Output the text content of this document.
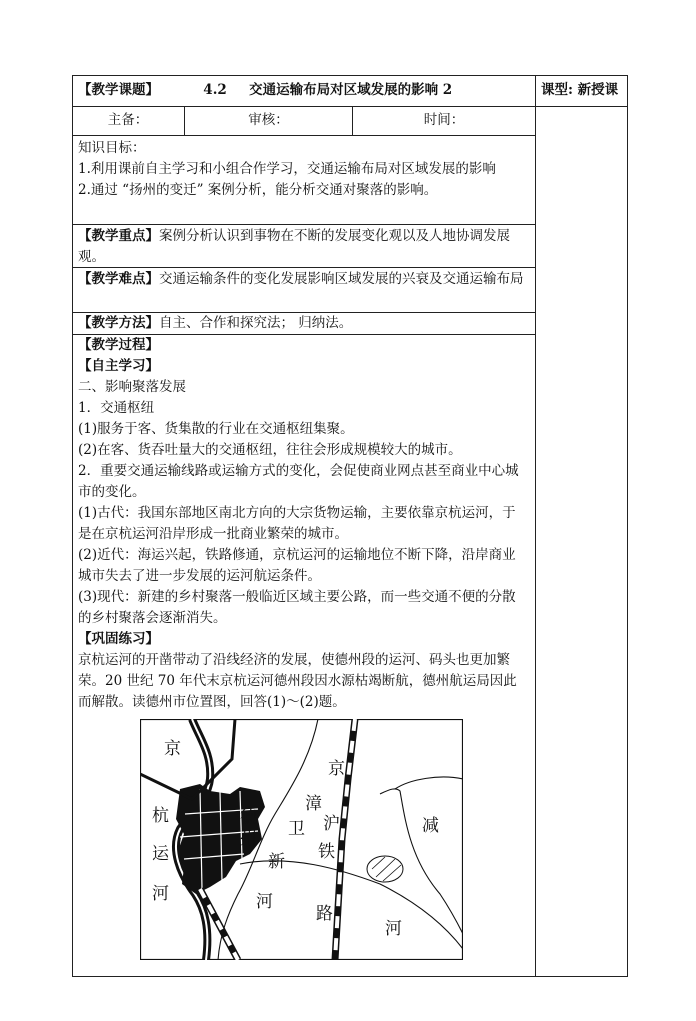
【教学课题】	4.2 交通运输布局对区域发展的影响 2	课型: 新授课
主备：	审核：	时间：

知识目标：

1.利用课前自主学习和小组合作学习，交通运输布局对区域发展的影响

2.通过 “扬州的变迁” 案例分析，能分析交通对聚落的影响。

【教学重点】案例分析认识到事物在不断的发展变化观以及人地协调发展观。

【教学难点】交通运输条件的变化发展影响区域发展的兴衰及交通运输布局

【教学方法】自主、合作和探究法； 归纳法。

【教学过程】

【自主学习】

二、影响聚落发展

1．交通枢纽

(1)服务于客、货集散的行业在交通枢纽集聚。

(2)在客、货吞吐量大的交通枢纽，往往会形成规模较大的城市。

2．重要交通运输线路或运输方式的变化，会促使商业网点甚至商业中心城市的变化。

(1)古代：我国东部地区南北方向的大宗货物运输，主要依靠京杭运河，于是在京杭运河沿岸形成一批商业繁荣的城市。

(2)近代：海运兴起，铁路修通，京杭运河的运输地位不断下降，沿岸商业城市失去了进一步发展的运河航运条件。

(3)现代：新建的乡村聚落一般临近区域主要公路，而一些交通不便的分散的乡村聚落会逐渐消失。

【巩固练习】

京杭运河的开凿带动了沿线经济的发展，使德州段的运河、码头也更加繁荣。20 世纪 70 年代末京杭运河德州段因水源枯竭断航，德州航运局因此而解散。读德州市位置图，回答(1)～(2)题。

京
杭
运
河
德
州
漳
卫
新
河
京
沪
铁
路
减
河
